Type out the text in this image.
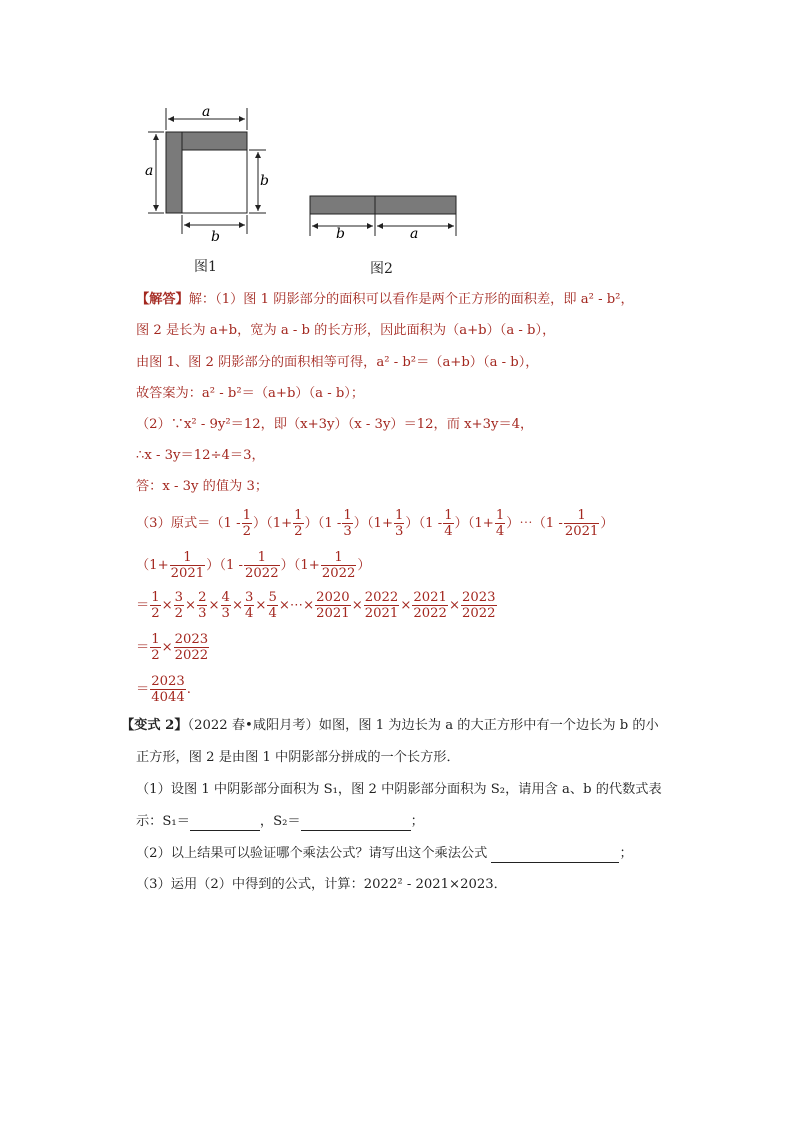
a
a
b
b
图1
b	a
图2
【解答】解：（1）图 1 阴影部分的面积可以看作是两个正方形的面积差，即 a² - b²，
图 2 是长为 a+b，宽为 a - b 的长方形，因此面积为（a+b）（a - b），
由图 1、图 2 阴影部分的面积相等可得，a² - b²＝（a+b）（a - b），
故答案为：a² - b²＝（a+b）（a - b）；
（2）∵x² - 9y²＝12，即（x+3y）（x - 3y）＝12，而 x+3y＝4，
∴x - 3y＝12÷4＝3，
答：x - 3y 的值为 3；
（3）原式$=(1 - \frac{1}{2} )(1+ \frac{1}{2} )(1 - \frac{1}{3} )(1+ \frac{1}{3} )(1 - \frac{1}{4} )(1+ \frac{1}{4}$ ）⋯（1 - $\frac{1}{2021}$ ）
$(1+ \frac{1}{2021} )(1 - \frac{1}{2022} )(1+ \frac{1}{2022}$ ）
＝ $\frac{1}{2} \times \frac{3}{2} \times \frac{2}{3} \times \frac{4}{3} \times \frac{3}{4} \times \frac{5}{4}$ ×⋯× $\frac{2020}{2021} \times \frac{2022}{2021} \times \frac{2021}{2022} \times \frac{2023}{2022}$
＝ $\frac{1}{2} \times \frac{2023}{2022}$
＝ $\frac{2023}{4044}$ .
【变式 2】（2022 春•咸阳月考）如图，图 1 为边长为 a 的大正方形中有一个边长为 b 的小
正方形，图 2 是由图 1 中阴影部分拼成的一个长方形．
（1）设图 1 中阴影部分面积为 S₁，图 2 中阴影部分面积为 S₂，请用含 a、b 的代数式表
示：S₁＝	，S₂＝	；
（2）以上结果可以验证哪个乘法公式？请写出这个乘法公式	；
（3）运用（2）中得到的公式，计算：2022² - 2021×2023．
